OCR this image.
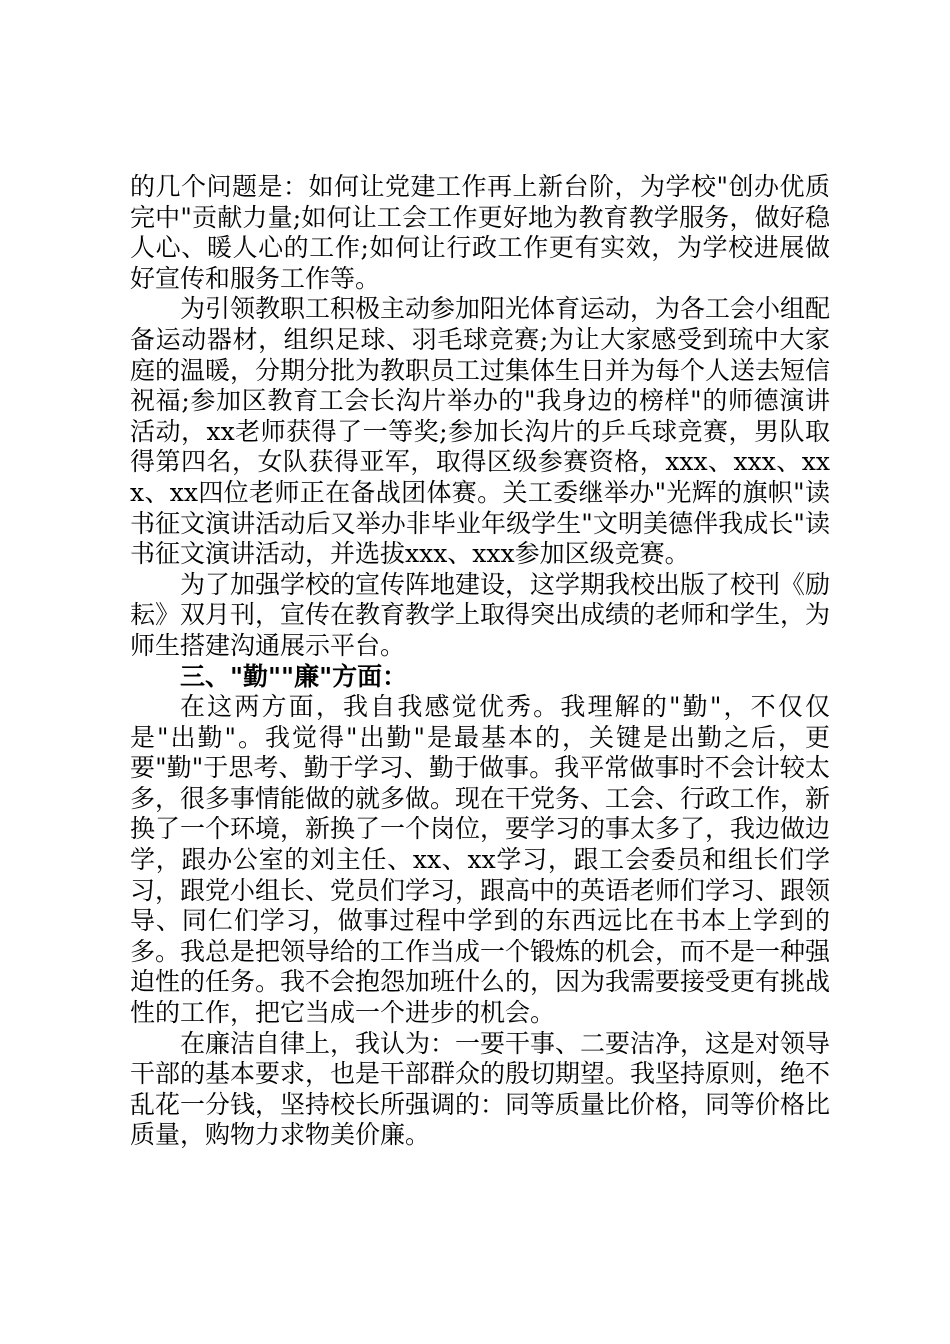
的几个问题是：如何让党建工作再上新台阶，为学校"创办优质完中"贡献力量;如何让工会工作更好地为教育教学服务，做好稳人心、暖人心的工作;如何让行政工作更有实效，为学校进展做好宣传和服务工作等。

为引领教职工积极主动参加阳光体育运动，为各工会小组配备运动器材，组织足球、羽毛球竞赛;为让大家感受到琉中大家庭的温暖，分期分批为教职员工过集体生日并为每个人送去短信祝福;参加区教育工会长沟片举办的"我身边的榜样"的师德演讲活动，xx老师获得了一等奖;参加长沟片的乒乓球竞赛，男队取得第四名，女队获得亚军，取得区级参赛资格，xxx、xxx、xxx、xx四位老师正在备战团体赛。关工委继举办"光辉的旗帜"读书征文演讲活动后又举办非毕业年级学生"文明美德伴我成长"读书征文演讲活动，并选拔xxx、xxx参加区级竞赛。

为了加强学校的宣传阵地建设，这学期我校出版了校刊《励耘》双月刊，宣传在教育教学上取得突出成绩的老师和学生，为师生搭建沟通展示平台。

三、"勤""廉"方面：

在这两方面，我自我感觉优秀。我理解的"勤"，不仅仅是"出勤"。我觉得"出勤"是最基本的，关键是出勤之后，更要"勤"于思考、勤于学习、勤于做事。我平常做事时不会计较太多，很多事情能做的就多做。现在干党务、工会、行政工作，新换了一个环境，新换了一个岗位，要学习的事太多了，我边做边学，跟办公室的刘主任、xx、xx学习，跟工会委员和组长们学习，跟党小组长、党员们学习，跟高中的英语老师们学习、跟领导、同仁们学习，做事过程中学到的东西远比在书本上学到的多。我总是把领导给的工作当成一个锻炼的机会，而不是一种强迫性的任务。我不会抱怨加班什么的，因为我需要接受更有挑战性的工作，把它当成一个进步的机会。

在廉洁自律上，我认为：一要干事、二要洁净，这是对领导干部的基本要求，也是干部群众的殷切期望。我坚持原则，绝不乱花一分钱，坚持校长所强调的：同等质量比价格，同等价格比质量，购物力求物美价廉。
